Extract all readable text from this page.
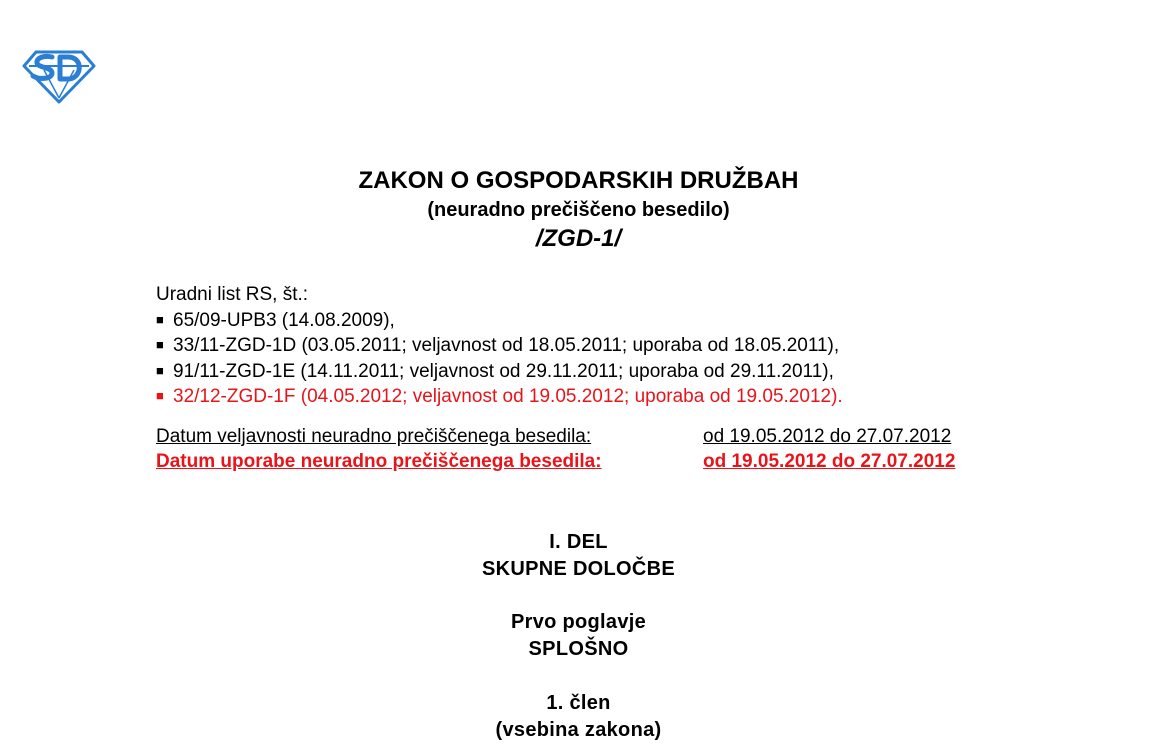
ZAKON O GOSPODARSKIH DRUŽBAH

(neuradno prečiščeno besedilo)

/ZGD-1/

Uradni list RS, št.:
■ 65/09-UPB3 (14.08.2009),
■ 33/11-ZGD-1D (03.05.2011; veljavnost od 18.05.2011; uporaba od 18.05.2011),
■ 91/11-ZGD-1E (14.11.2011; veljavnost od 29.11.2011; uporaba od 29.11.2011),
■ 32/12-ZGD-1F (04.05.2012; veljavnost od 19.05.2012; uporaba od 19.05.2012).
Datum veljavnosti neuradno prečiščenega besedila:	od 19.05.2012 do 27.07.2012
Datum uporabe neuradno prečiščenega besedila:	od 19.05.2012 do 27.07.2012

I. DEL

SKUPNE DOLOČBE

Prvo poglavje

SPLOŠNO

1. člen

(vsebina zakona)
